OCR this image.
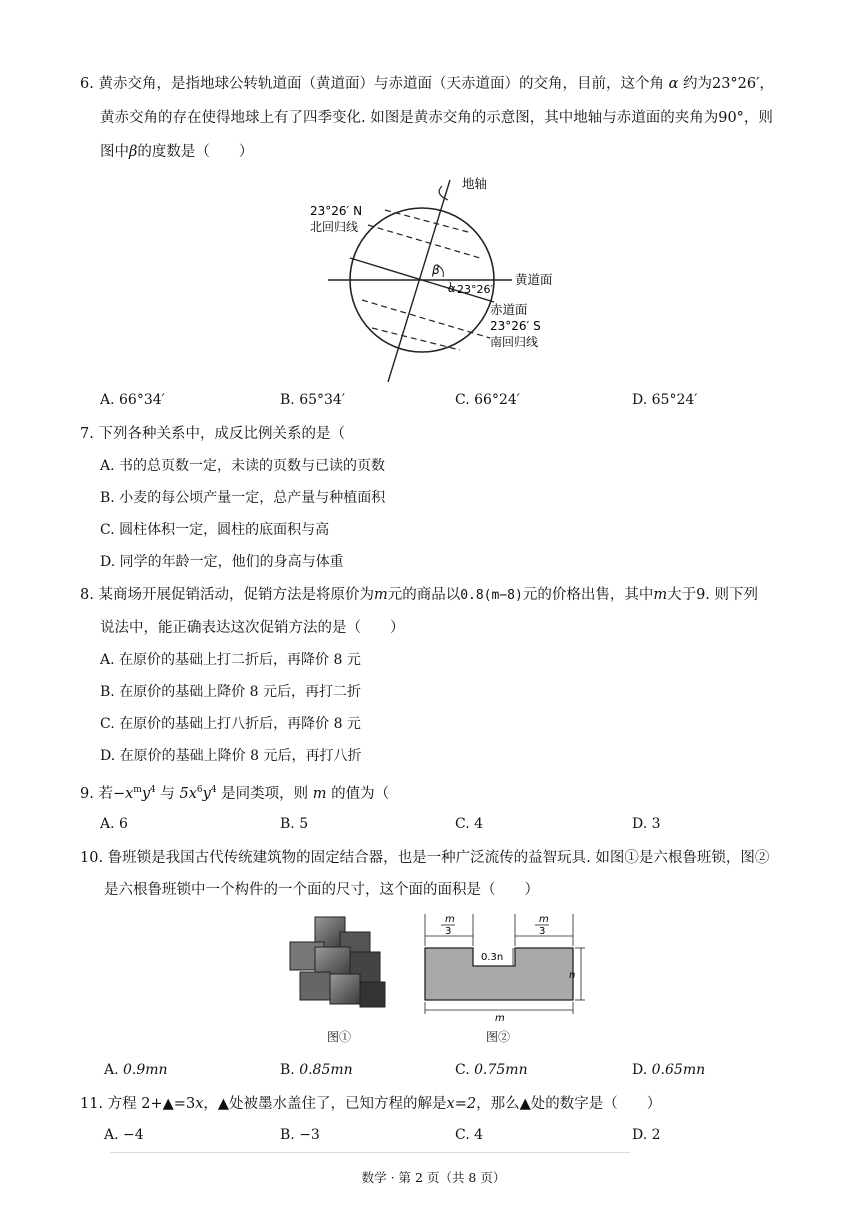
6. 黄赤交角，是指地球公转轨道面（黄道面）与赤道面（天赤道面）的交角，目前，这个角 α 约为23°26′，
黄赤交角的存在使得地球上有了四季变化. 如图是黄赤交角的示意图，其中地轴与赤道面的夹角为90°，则
图中β的度数是（　　）
地轴
23°26′ N
北回归线
β
α 23°26′
黄道面
赤道面
23°26′ S
南回归线
A. 66°34′	B. 65°34′	C. 66°24′	D. 65°24′
7. 下列各种关系中，成反比例关系的是（
A. 书的总页数一定，未读的页数与已读的页数
B. 小麦的每公顷产量一定，总产量与种植面积
C. 圆柱体积一定，圆柱的底面积与高
D. 同学的年龄一定，他们的身高与体重
8. 某商场开展促销活动，促销方法是将原价为m元的商品以0.8(m−8)元的价格出售，其中m大于9. 则下列
说法中，能正确表达这次促销方法的是（　　）
A. 在原价的基础上打二折后，再降价 8 元
B. 在原价的基础上降价 8 元后，再打二折
C. 在原价的基础上打八折后，再降价 8 元
D. 在原价的基础上降价 8 元后，再打八折
9. 若$-x^my^4$ 与 $5x^6y^4$ 是同类项，则 m 的值为（
A. 6	B. 5	C. 4	D. 3
10. 鲁班锁是我国古代传统建筑物的固定结合器，也是一种广泛流传的益智玩具. 如图①是六根鲁班锁，图②
是六根鲁班锁中一个构件的一个面的尺寸，这个面的面积是（　　）
图①
m
3
m
3
0.3n
n
m
图②
A. 0.9mn	B. 0.85mn	C. 0.75mn	D. 0.65mn
11. 方程 2+▲=3x，▲处被墨水盖住了，已知方程的解是x=2，那么▲处的数字是（　　）
A. −4	B. −3	C. 4	D. 2
数学 · 第 2 页（共 8 页）
